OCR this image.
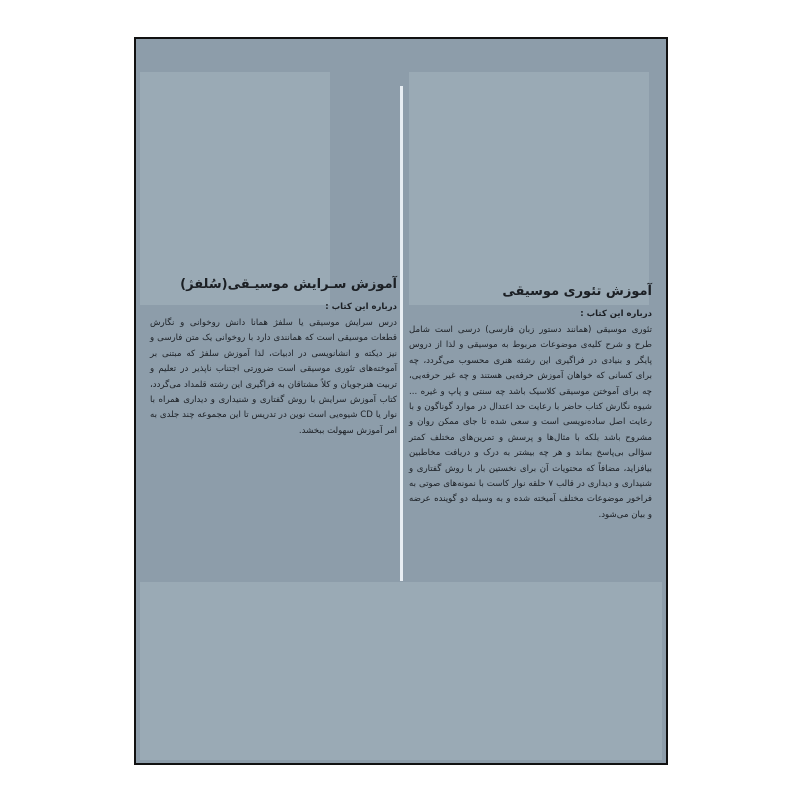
آموزش سـرایش موسیـقی(سُلفژ)
درباره این کتاب :

درس سرایش موسیقی یا سلفژ همانا دانش روخوانی و نگارش قطعات موسیقی است که همانندی دارد با روخوانی یک متن فارسی و نیز دیکته و انشا‌نویسی در ادبیات، لذا آموزش سلفژ که مبتنی بر آموخته‌های تئوری موسیقی است ضرورتی اجتناب ناپذیر در تعلیم و تربیت هنرجویان و کلاً مشتاقان به فراگیری این رشته قلمداد می‌گردد، کتاب آموزش سرایش با روش گفتاری و شنیداری و دیداری همراه با نوار یا CD شیوه‌یی است نوین در تدریس تا این مجموعه چند جلدی به امر آموزش سهولت ببخشد.

آموزش تئوری موسیقی
درباره این کتاب :

تئوری موسیقی (همانند دستور زبان فارسی) درسی است شامل طرح و شرح کلیه‌ی موضوعات مربوط به موسیقی و لذا از دروس پایگر و بنیادی در فراگیری این رشته هنری محسوب می‌گردد، چه برای کسانی که خواهان آموزش حرفه‌یی هستند و چه غیر حرفه‌یی، چه برای آموختن موسیقی کلاسیک باشد چه سنتی و پاپ و غیره ... شیوه نگارش کتاب حاضر با رعایت حد اعتدال در موارد گوناگون و با رعایت اصل ساده‌نویسی است و سعی شده تا جای ممکن روان و مشروح باشد بلکه با مثال‌ها و پرسش و تمرین‌های مختلف کمتر سؤالی بی‌پاسخ بماند و هر چه بیشتر به درک و دریافت مخاطبین بیافزاید، مضافاً که محتویات آن برای نخستین بار با روش گفتاری و شنیداری و دیداری در قالب ۷ حلقه نوار کاست با نمونه‌های صوتی به فراخور موضوعات مختلف آمیخته شده و به وسیله دو گوینده عرضه و بیان می‌شود.
